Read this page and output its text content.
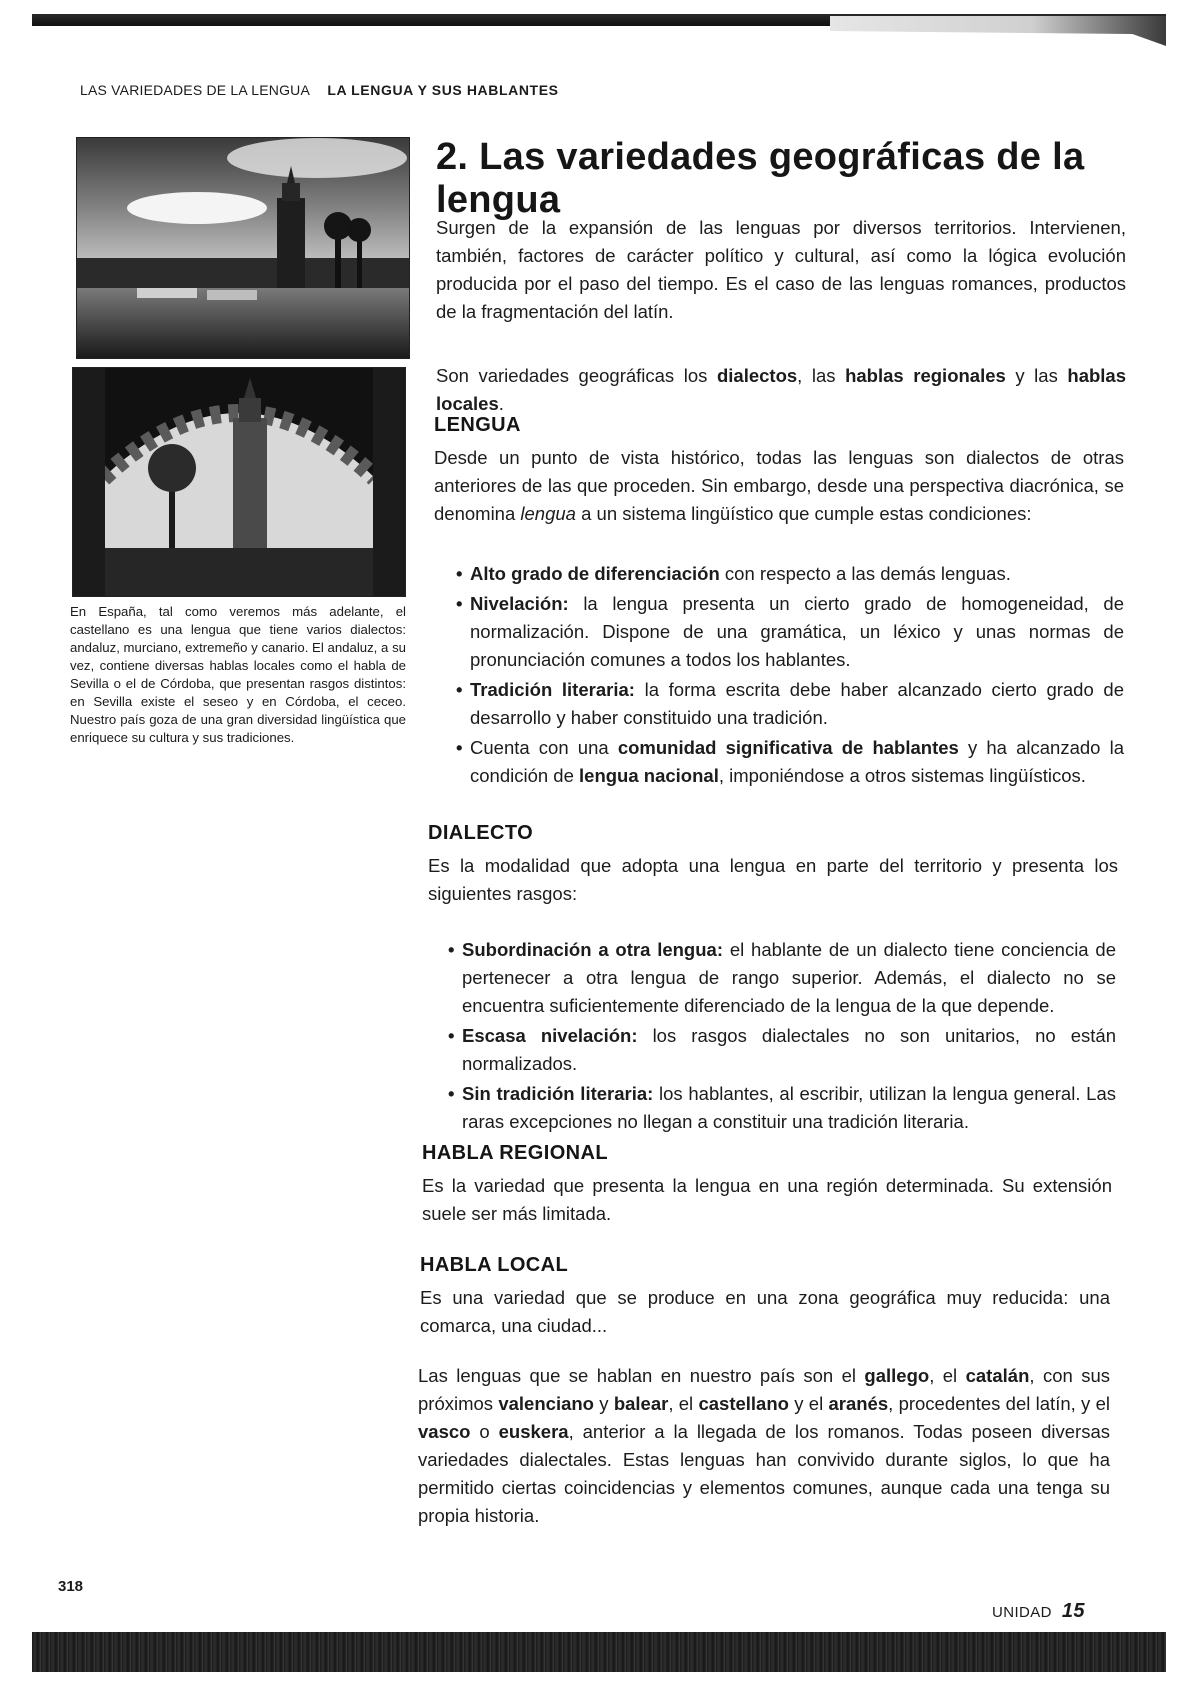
LAS VARIEDADES DE LA LENGUA LA LENGUA Y SUS HABLANTES
En España, tal como veremos más adelante, el castellano es una lengua que tiene varios dialectos: andaluz, murciano, extremeño y canario. El andaluz, a su vez, contiene diversas hablas locales como el habla de Sevilla o el de Córdoba, que presentan rasgos distintos: en Sevilla existe el seseo y en Córdoba, el ceceo. Nuestro país goza de una gran diversidad lingüística que enriquece su cultura y sus tradiciones.
2. Las variedades geográficas de la lengua
Surgen de la expansión de las lenguas por diversos territorios. Intervienen, también, factores de carácter político y cultural, así como la lógica evolución producida por el paso del tiempo. Es el caso de las lenguas romances, productos de la fragmentación del latín.
Son variedades geográficas los dialectos, las hablas regionales y las hablas locales.
LENGUA
Desde un punto de vista histórico, todas las lenguas son dialectos de otras anteriores de las que proceden. Sin embargo, desde una perspectiva diacrónica, se denomina lengua a un sistema lingüístico que cumple estas condiciones:
• Alto grado de diferenciación con respecto a las demás lenguas.
• Nivelación: la lengua presenta un cierto grado de homogeneidad, de normalización. Dispone de una gramática, un léxico y unas normas de pronunciación comunes a todos los hablantes.
• Tradición literaria: la forma escrita debe haber alcanzado cierto grado de desarrollo y haber constituido una tradición.
• Cuenta con una comunidad significativa de hablantes y ha alcanzado la condición de lengua nacional, imponiéndose a otros sistemas lingüísticos.
DIALECTO
Es la modalidad que adopta una lengua en parte del territorio y presenta los siguientes rasgos:
• Subordinación a otra lengua: el hablante de un dialecto tiene conciencia de pertenecer a otra lengua de rango superior. Además, el dialecto no se encuentra suficientemente diferenciado de la lengua de la que depende.
• Escasa nivelación: los rasgos dialectales no son unitarios, no están normalizados.
• Sin tradición literaria: los hablantes, al escribir, utilizan la lengua general. Las raras excepciones no llegan a constituir una tradición literaria.
HABLA REGIONAL
Es la variedad que presenta la lengua en una región determinada. Su extensión suele ser más limitada.
HABLA LOCAL
Es una variedad que se produce en una zona geográfica muy reducida: una comarca, una ciudad...
Las lenguas que se hablan en nuestro país son el gallego, el catalán, con sus próximos valenciano y balear, el castellano y el aranés, procedentes del latín, y el vasco o euskera, anterior a la llegada de los romanos. Todas poseen diversas variedades dialectales. Estas lenguas han convivido durante siglos, lo que ha permitido ciertas coincidencias y elementos comunes, aunque cada una tenga su propia historia.
318
UNIDAD 15
